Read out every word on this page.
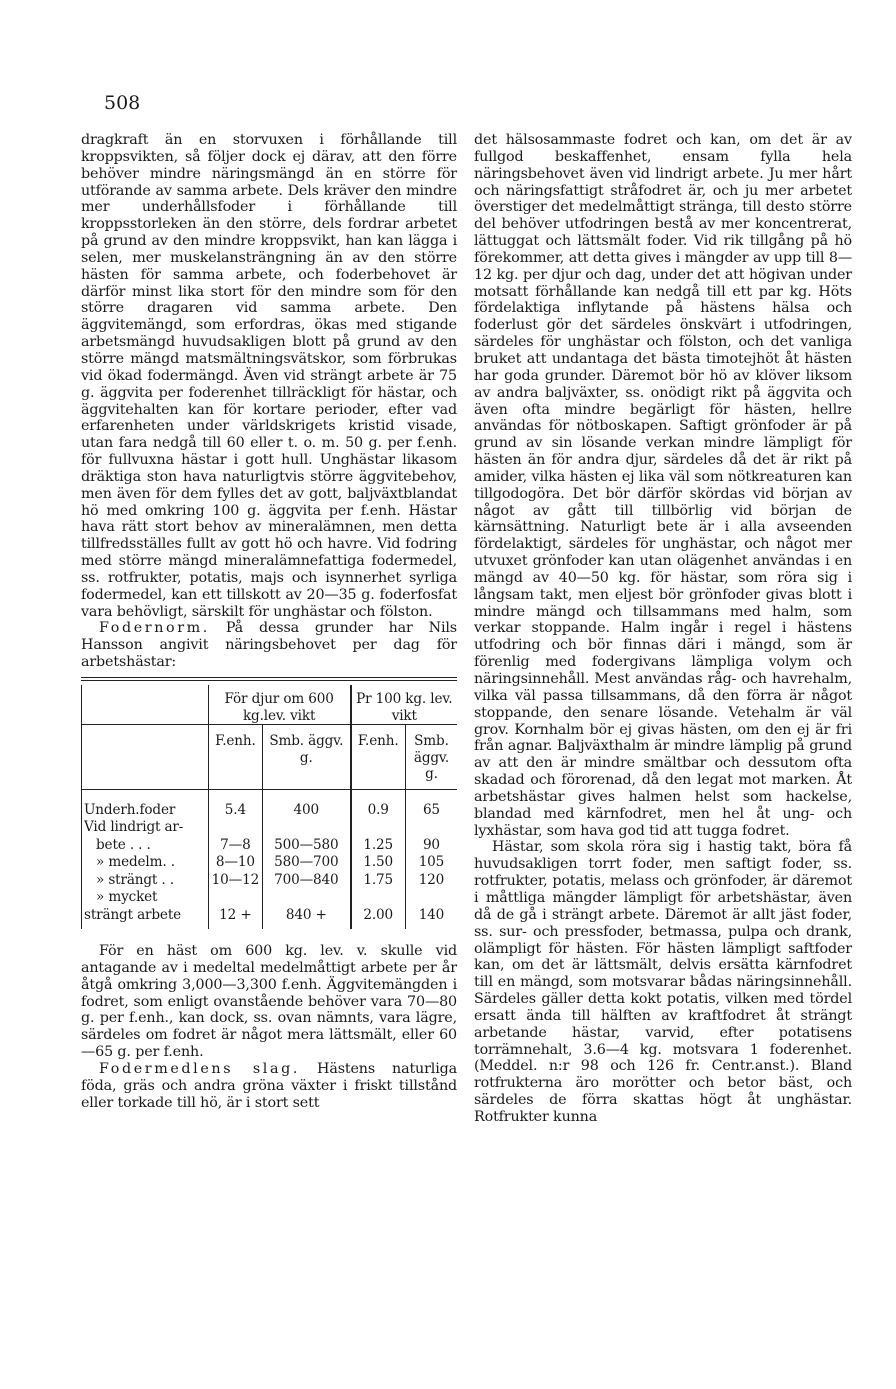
508

dragkraft än en storvuxen i förhållande till kroppsvikten, så följer dock ej därav, att den förre behöver mindre näringsmängd än en större för utförande av samma arbete. Dels kräver den mindre mer underhållsfoder i förhållande till kroppsstorleken än den större, dels fordrar arbetet på grund av den mindre kroppsvikt, han kan lägga i selen, mer muskelansträngning än av den större hästen för samma arbete, och foderbehovet är därför minst lika stort för den mindre som för den större dragaren vid samma arbete. Den äggvitemängd, som erfordras, ökas med stigande arbetsmängd huvudsakligen blott på grund av den större mängd matsmältningsvätskor, som förbrukas vid ökad fodermängd. Även vid strängt arbete är 75 g. äggvita per foderenhet tillräckligt för hästar, och äggvitehalten kan för kortare perioder, efter vad erfarenheten under världskrigets kristid visade, utan fara nedgå till 60 eller t. o. m. 50 g. per f.enh. för fullvuxna hästar i gott hull. Unghästar likasom dräktiga ston hava naturligtvis större äggvitebehov, men även för dem fylles det av gott, baljväxtblandat hö med omkring 100 g. äggvita per f.enh. Hästar hava rätt stort behov av mineralämnen, men detta tillfredsställes fullt av gott hö och havre. Vid fodring med större mängd mineralämnefattiga fodermedel, ss. rotfrukter, potatis, majs och isynnerhet syrliga fodermedel, kan ett tillskott av 20—35 g. foderfosfat vara behövligt, särskilt för unghästar och fölston.

Fodernorm. På dessa grunder har Nils Hansson angivit näringsbehovet per dag för arbetshästar:

	För djur om 600 kg.lev. vikt		Pr 100 kg. lev. vikt	
	F.enh.	Smb. äggv. g.	F.enh.	Smb. äggv. g.
Underh.foder	5.4	400	0.9	65
Vid lindrigt ar-				
bete . . .	7—8	500—580	1.25	90
» medelm. .	8—10	580—700	1.50	105
» strängt . .	10—12	700—840	1.75	120
» mycket				
strängt arbete	12 +	840 +	2.00	140

För en häst om 600 kg. lev. v. skulle vid antagande av i medeltal medelmåttigt arbete per år åtgå omkring 3,000—3,300 f.enh. Äggvitemängden i fodret, som enligt ovanstående behöver vara 70—80 g. per f.enh., kan dock, ss. ovan nämnts, vara lägre, särdeles om fodret är något mera lättsmält, eller 60—65 g. per f.enh.

Fodermedlens slag. Hästens naturliga föda, gräs och andra gröna växter i friskt tillstånd eller torkade till hö, är i stort sett

det hälsosammaste fodret och kan, om det är av fullgod beskaffenhet, ensam fylla hela näringsbehovet även vid lindrigt arbete. Ju mer hårt och näringsfattigt stråfodret är, och ju mer arbetet överstiger det medelmåttigt stränga, till desto större del behöver utfodringen bestå av mer koncentrerat, lättuggat och lättsmält foder. Vid rik tillgång på hö förekommer, att detta gives i mängder av upp till 8—12 kg. per djur och dag, under det att högivan under motsatt förhållande kan nedgå till ett par kg. Höts fördelaktiga inflytande på hästens hälsa och foderlust gör det särdeles önskvärt i utfodringen, särdeles för unghästar och fölston, och det vanliga bruket att undantaga det bästa timotejhöt åt hästen har goda grunder. Däremot bör hö av klöver liksom av andra baljväxter, ss. onödigt rikt på äggvita och även ofta mindre begärligt för hästen, hellre användas för nötboskapen. Saftigt grönfoder är på grund av sin lösande verkan mindre lämpligt för hästen än för andra djur, särdeles då det är rikt på amider, vilka hästen ej lika väl som nötkreaturen kan tillgodogöra. Det bör därför skördas vid början av något av gått till tillbörlig vid början de kärnsättning. Naturligt bete är i alla avseenden fördelaktigt, särdeles för unghästar, och något mer utvuxet grönfoder kan utan olägenhet användas i en mängd av 40—50 kg. för hästar, som röra sig i långsam takt, men eljest bör grönfoder givas blott i mindre mängd och tillsammans med halm, som verkar stoppande. Halm ingår i regel i hästens utfodring och bör finnas däri i mängd, som är förenlig med fodergivans lämpliga volym och näringsinnehåll. Mest användas råg- och havrehalm, vilka väl passa tillsammans, då den förra är något stoppande, den senare lösande. Vetehalm är väl grov. Kornhalm bör ej givas hästen, om den ej är fri från agnar. Baljväxthalm är mindre lämplig på grund av att den är mindre smältbar och dessutom ofta skadad och förorenad, då den legat mot marken. Åt arbetshästar gives halmen helst som hackelse, blandad med kärnfodret, men hel åt ung- och lyxhästar, som hava god tid att tugga fodret.

Hästar, som skola röra sig i hastig takt, böra få huvudsakligen torrt foder, men saftigt foder, ss. rotfrukter, potatis, melass och grönfoder, är däremot i måttliga mängder lämpligt för arbetshästar, även då de gå i strängt arbete. Däremot är allt jäst foder, ss. sur- och pressfoder, betmassa, pulpa och drank, olämpligt för hästen. För hästen lämpligt saftfoder kan, om det är lättsmält, delvis ersätta kärnfodret till en mängd, som motsvarar bådas näringsinnehåll. Särdeles gäller detta kokt potatis, vilken med tördel ersatt ända till hälften av kraftfodret åt strängt arbetande hästar, varvid, efter potatisens torrämnehalt, 3.6—4 kg. motsvara 1 foderenhet. (Meddel. n:r 98 och 126 fr. Centr.anst.). Bland rotfrukterna äro morötter och betor bäst, och särdeles de förra skattas högt åt unghästar. Rotfrukter kunna
